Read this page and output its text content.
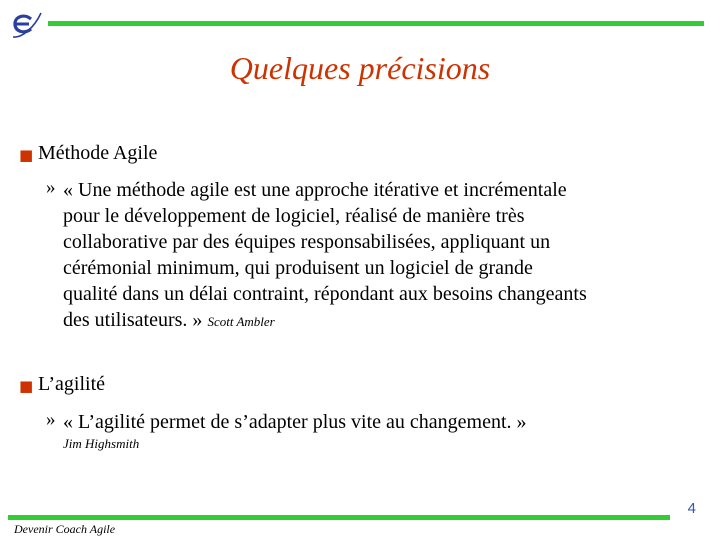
Quelques précisions
■ Méthode Agile
» « Une méthode agile est une approche itérative et incrémentale
pour le développement de logiciel, réalisé de manière très
collaborative par des équipes responsabilisées, appliquant un
cérémonial minimum, qui produisent un logiciel de grande
qualité dans un délai contraint, répondant aux besoins changeants
des utilisateurs. » Scott Ambler
■ L’agilité
» « L’agilité permet de s’adapter plus vite au changement. »
Jim Highsmith
4
Devenir Coach Agile
